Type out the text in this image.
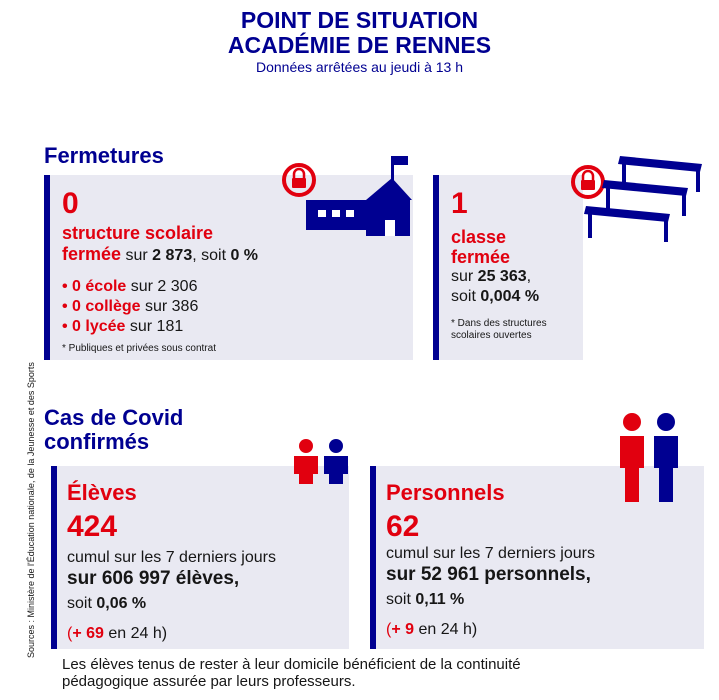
POINT DE SITUATION
ACADÉMIE DE RENNES
Données arrêtées au jeudi à 13 h
Fermetures
0
structure scolaire
fermée sur 2 873, soit 0 %
• 0 école sur 2 306
• 0 collège sur 386
• 0 lycée sur 181
* Publiques et privées sous contrat
1
classe
fermée
sur 25 363,
soit 0,004 %
* Dans des structures
scolaires ouvertes
Cas de Covid
confirmés
Sources : Ministère de l'Éducation nationale, de la Jeunesse et des Sports Élèves
424
cumul sur les 7 derniers jours
sur 606 997 élèves,
soit 0,06 %
(+ 69 en 24 h)
Personnels
62
cumul sur les 7 derniers jours
sur 52 961 personnels,
soit 0,11 %
(+ 9 en 24 h)
Les élèves tenus de rester à leur domicile bénéficient de la continuité
pédagogique assurée par leurs professeurs.
